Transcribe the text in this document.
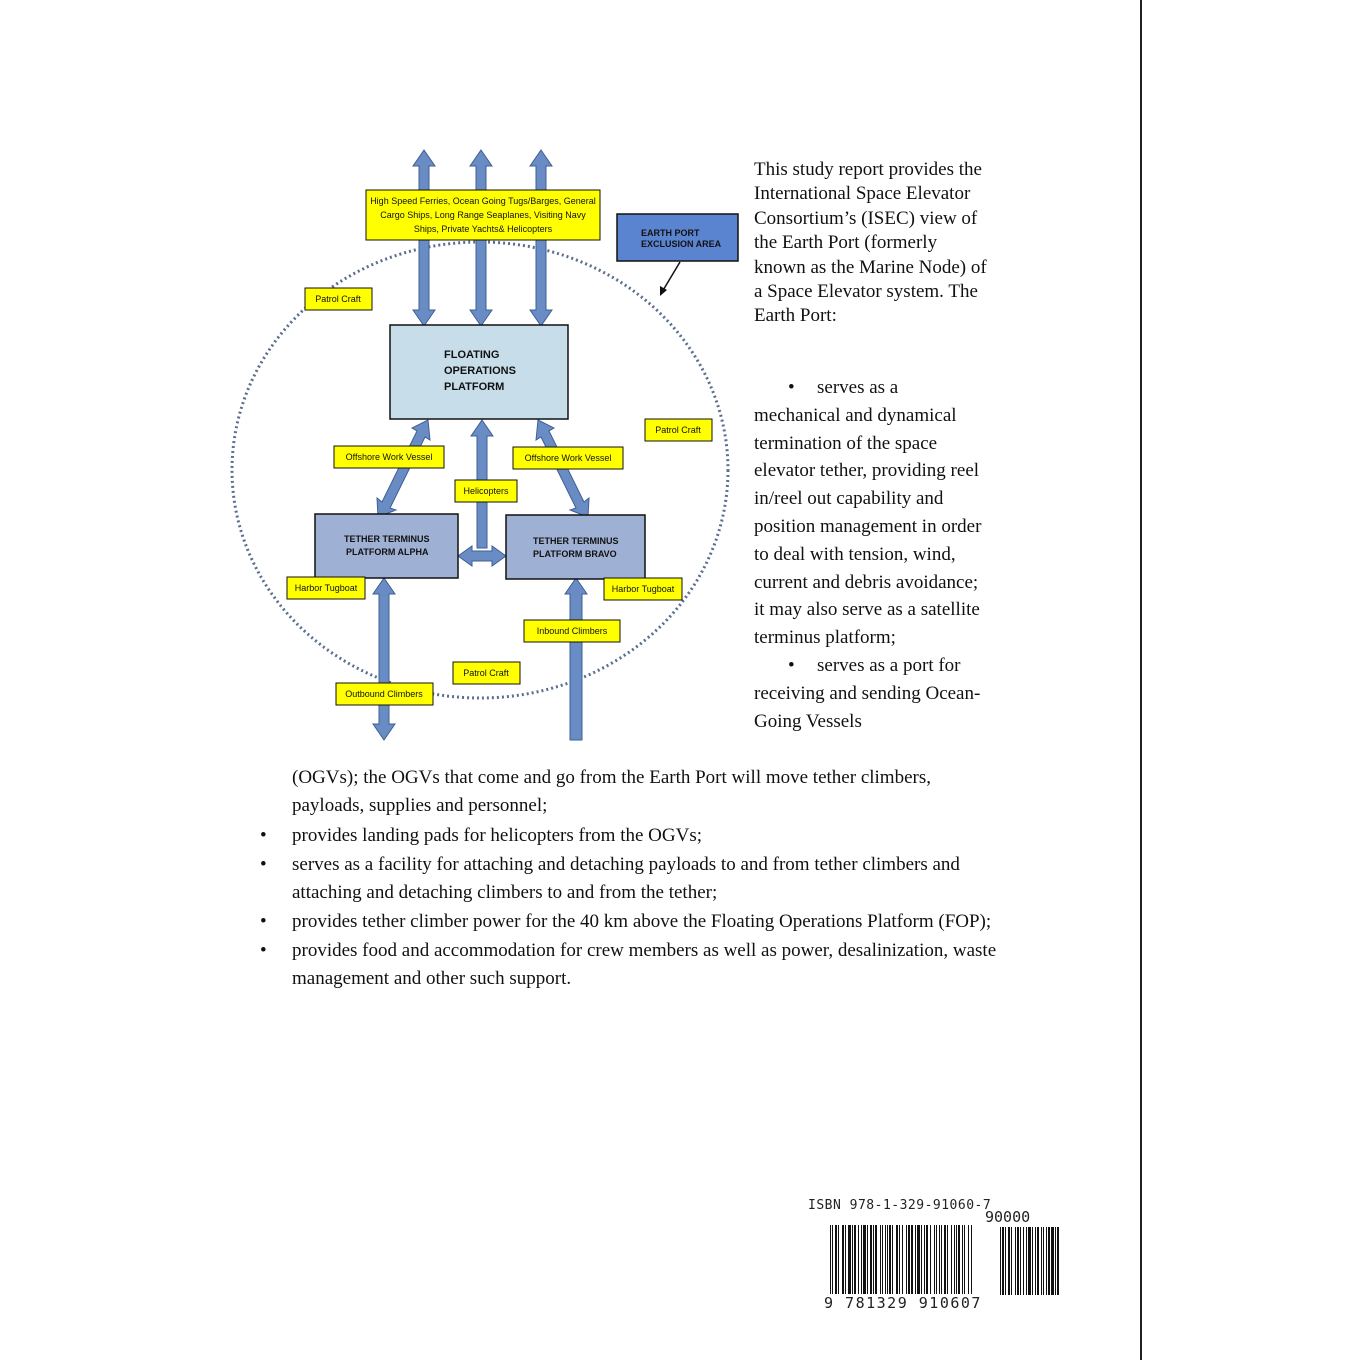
FLOATING
OPERATIONS
PLATFORM
TETHER TERMINUS
PLATFORM ALPHA
TETHER TERMINUS
PLATFORM BRAVO
EARTH PORT
EXCLUSION AREA
High Speed Ferries, Ocean Going Tugs/Barges, General
Cargo Ships, Long Range Seaplanes, Visiting Navy
Ships, Private Yachts& Helicopters
Patrol Craft
Patrol Craft
Patrol Craft
Offshore Work Vessel	Offshore Work Vessel
Helicopters
Harbor Tugboat	Harbor Tugboat
Inbound Climbers
Outbound Climbers

This study report provides the International Space Elevator Consortium’s (ISEC) view of the Earth Port (formerly known as the Marine Node) of a Space Elevator system. The Earth Port:

• serves as a mechanical and dynamical termination of the space elevator tether, providing reel in/reel out capability and position management in order to deal with tension, wind, current and debris avoidance; it may also serve as a satellite terminus platform;

• serves as a port for receiving and sending Ocean-Going Vessels

(OGVs); the OGVs that come and go from the Earth Port will move tether climbers, payloads, supplies and personnel;

• provides landing pads for helicopters from the OGVs;
• serves as a facility for attaching and detaching payloads to and from tether climbers and attaching and detaching climbers to and from the tether;
• provides tether climber power for the 40 km above the Floating Operations Platform (FOP);
• provides food and accommodation for crew members as well as power, desalinization, waste management and other such support.
ISBN 978-1-329-91060-7
90000
9 781329 910607
